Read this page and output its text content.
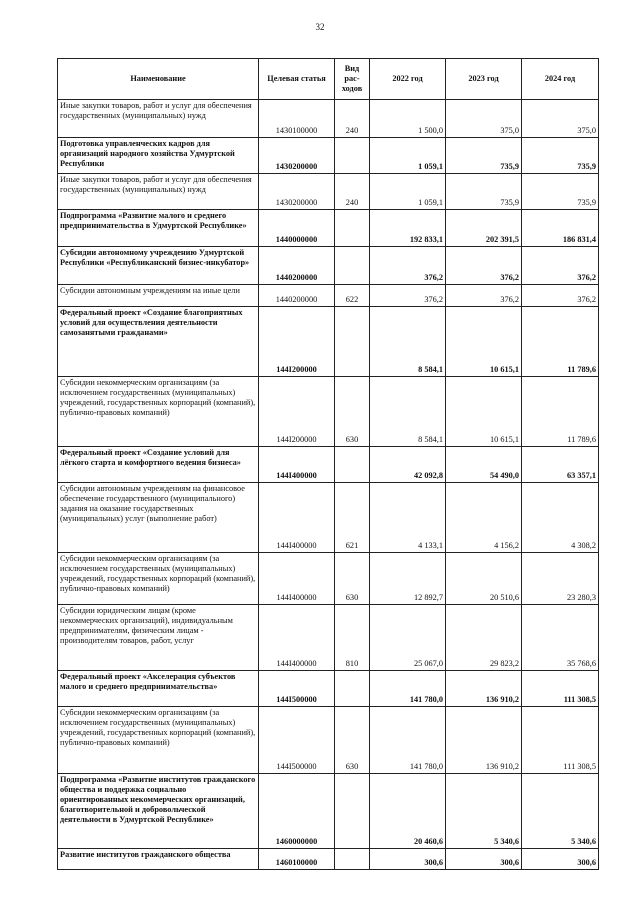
32
Наименование	Целевая статья	Вид рас-ходов	2022 год	2023 год	2024 год
Иные закупки товаров, работ и услуг для обеспечения государственных (муниципальных) нужд	1430100000	240	1 500,0	375,0	375,0
Подготовка управленческих кадров для организаций народного хозяйства Удмуртской Республики	1430200000		1 059,1	735,9	735,9
Иные закупки товаров, работ и услуг для обеспечения государственных (муниципальных) нужд	1430200000	240	1 059,1	735,9	735,9
Подпрограмма «Развитие малого и среднего предпринимательства в Удмуртской Республике»	1440000000		192 833,1	202 391,5	186 831,4
Субсидии автономному учреждению Удмуртской Республики «Республиканский бизнес-инкубатор»	1440200000		376,2	376,2	376,2
Субсидии автономным учреждениям на иные цели	1440200000	622	376,2	376,2	376,2
Федеральный проект «Создание благоприятных условий для осуществления деятельности самозанятыми гражданами»	144I200000		8 584,1	10 615,1	11 789,6
Субсидии некоммерческим организациям (за исключением государственных (муниципальных) учреждений, государственных корпораций (компаний), публично-правовых компаний)	144I200000	630	8 584,1	10 615,1	11 789,6
Федеральный проект «Создание условий для лёгкого старта и комфортного ведения бизнеса»	144I400000		42 092,8	54 490,0	63 357,1
Субсидии автономным учреждениям на финансовое обеспечение государственного (муниципального) задания на оказание государственных (муниципальных) услуг (выполнение работ)	144I400000	621	4 133,1	4 156,2	4 308,2
Субсидии некоммерческим организациям (за исключением государственных (муниципальных) учреждений, государственных корпораций (компаний), публично-правовых компаний)	144I400000	630	12 892,7	20 510,6	23 280,3
Субсидии юридическим лицам (кроме некоммерческих организаций), индивидуальным предпринимателям, физическим лицам - производителям товаров, работ, услуг	144I400000	810	25 067,0	29 823,2	35 768,6
Федеральный проект «Акселерация субъектов малого и среднего предпринимательства»	144I500000		141 780,0	136 910,2	111 308,5
Субсидии некоммерческим организациям (за исключением государственных (муниципальных) учреждений, государственных корпораций (компаний), публично-правовых компаний)	144I500000	630	141 780,0	136 910,2	111 308,5
Подпрограмма «Развитие институтов гражданского общества и поддержка социально ориентированных некоммерческих организаций, благотворительной и добровольческой деятельности в Удмуртской Республике»	1460000000		20 460,6	5 340,6	5 340,6
Развитие институтов гражданского общества	1460100000		300,6	300,6	300,6
